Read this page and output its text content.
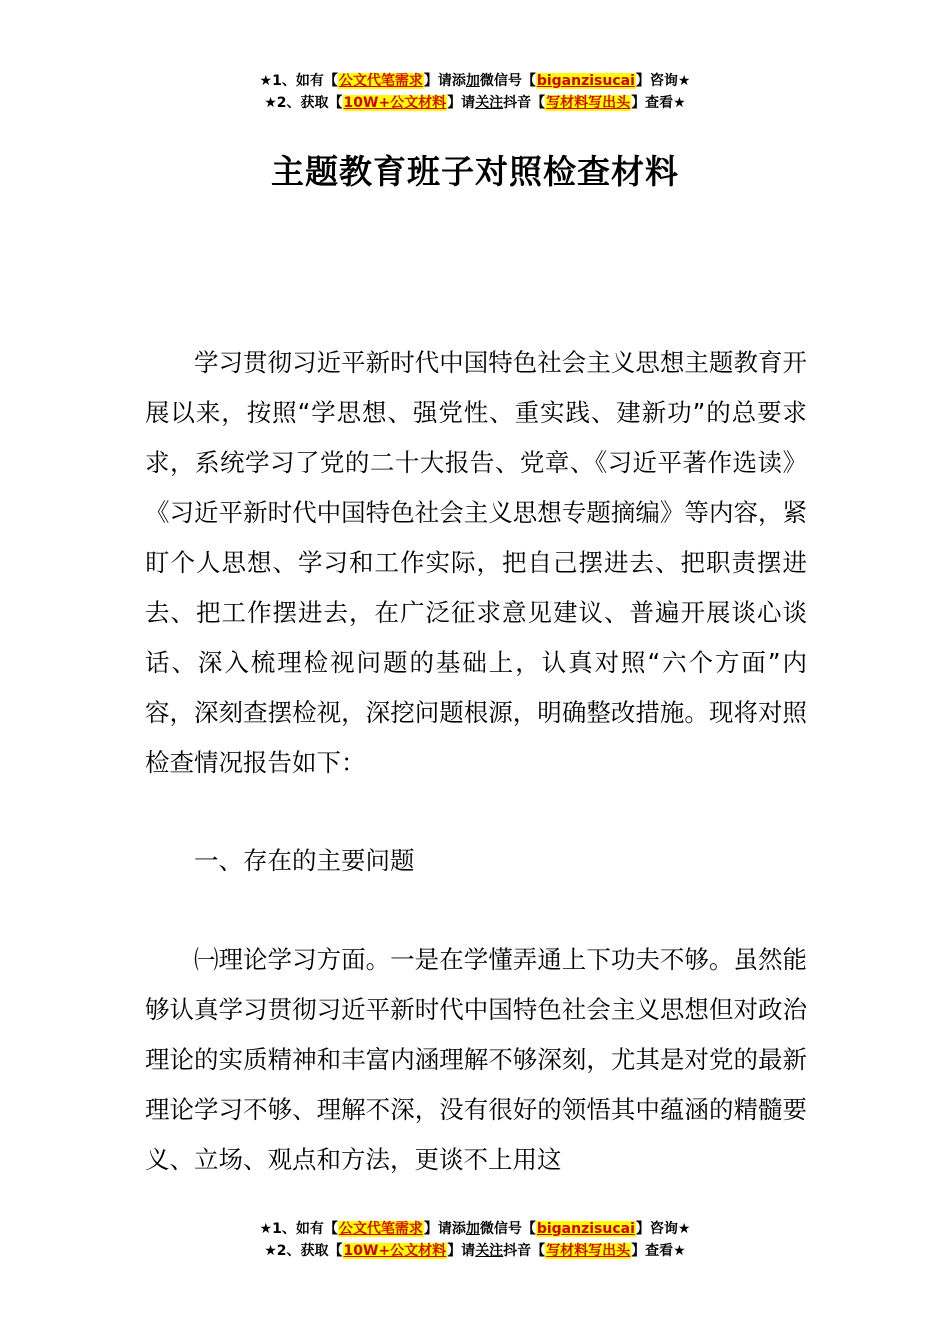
★1、如有【公文代笔需求】请添加微信号【biganzisucai】咨询★
★2、获取【10W+公文材料】请关注抖音【写材料写出头】查看★
主题教育班子对照检查材料

学习贯彻习近平新时代中国特色社会主义思想主题教育开展以来，按照“学思想、强党性、重实践、建新功”的总要求求，系统学习了党的二十大报告、党章、《习近平著作选读》《习近平新时代中国特色社会主义思想专题摘编》等内容，紧盯个人思想、学习和工作实际，把自己摆进去、把职责摆进去、把工作摆进去，在广泛征求意见建议、普遍开展谈心谈话、深入梳理检视问题的基础上，认真对照“六个方面”内容，深刻查摆检视，深挖问题根源，明确整改措施。现将对照检查情况报告如下：

一、存在的主要问题

㈠理论学习方面。一是在学懂弄通上下功夫不够。虽然能够认真学习贯彻习近平新时代中国特色社会主义思想但对政治理论的实质精神和丰富内涵理解不够深刻，尤其是对党的最新理论学习不够、理解不深，没有很好的领悟其中蕴涵的精髓要义、立场、观点和方法，更谈不上用这

★1、如有【公文代笔需求】请添加微信号【biganzisucai】咨询★
★2、获取【10W+公文材料】请关注抖音【写材料写出头】查看★
